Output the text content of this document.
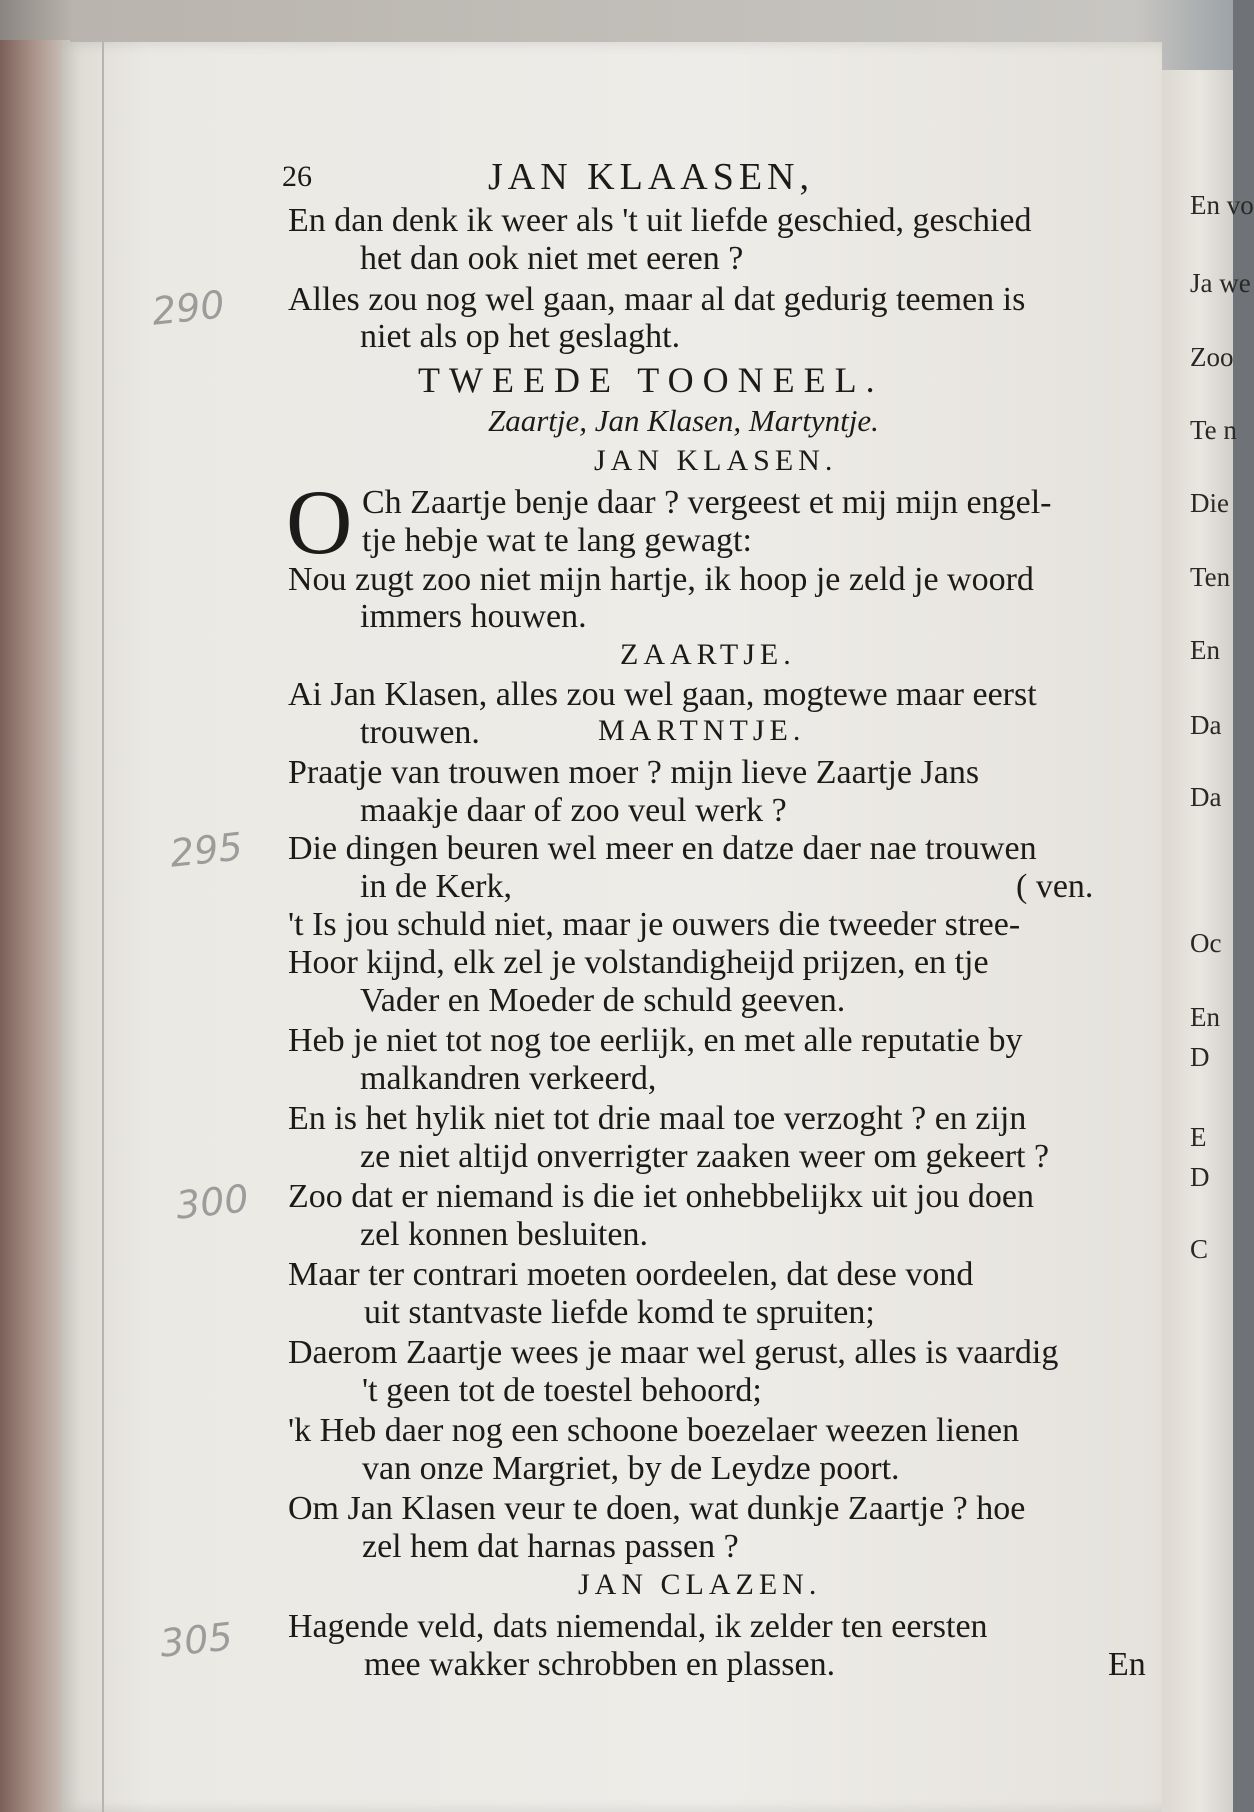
En vo
Ja we
Zoo
Te n
Die
Ten
En
Da
Da
Oc
En
D
E
D
C
26	JAN KLAASEN,
En dan denk ik weer als 't uit liefde geschied, geschied
het dan ook niet met eeren ?
Alles zou nog wel gaan, maar al dat gedurig teemen is
niet als op het geslaght.
TWEEDE TOONEEL.
Zaartje, Jan Klasen, Martyntje.
JAN KLASEN.
O Ch Zaartje benje daar ? vergeest et mij mijn engel-
tje hebje wat te lang gewagt:
Nou zugt zoo niet mijn hartje, ik hoop je zeld je woord
immers houwen.
ZAARTJE.
Ai Jan Klasen, alles zou wel gaan, mogtewe maar eerst
trouwen.	MARTNTJE.
Praatje van trouwen moer ? mijn lieve Zaartje Jans
maakje daar of zoo veul werk ?
Die dingen beuren wel meer en datze daer nae trouwen
in de Kerk,	( ven.
't Is jou schuld niet, maar je ouwers die tweeder stree-
Hoor kijnd, elk zel je volstandigheijd prijzen, en tje
Vader en Moeder de schuld geeven.
Heb je niet tot nog toe eerlijk, en met alle reputatie by
malkandren verkeerd,
En is het hylik niet tot drie maal toe verzoght ? en zijn
ze niet altijd onverrigter zaaken weer om gekeert ?
Zoo dat er niemand is die iet onhebbelijkx uit jou doen
zel konnen besluiten.
Maar ter contrari moeten oordeelen, dat dese vond
uit stantvaste liefde komd te spruiten;
Daerom Zaartje wees je maar wel gerust, alles is vaardig
't geen tot de toestel behoord;
'k Heb daer nog een schoone boezelaer weezen lienen
van onze Margriet, by de Leydze poort.
Om Jan Klasen veur te doen, wat dunkje Zaartje ? hoe
zel hem dat harnas passen ?
JAN CLAZEN.
Hagende veld, dats niemendal, ik zelder ten eersten
mee wakker schrobben en plassen.	En
290
295
300
305
